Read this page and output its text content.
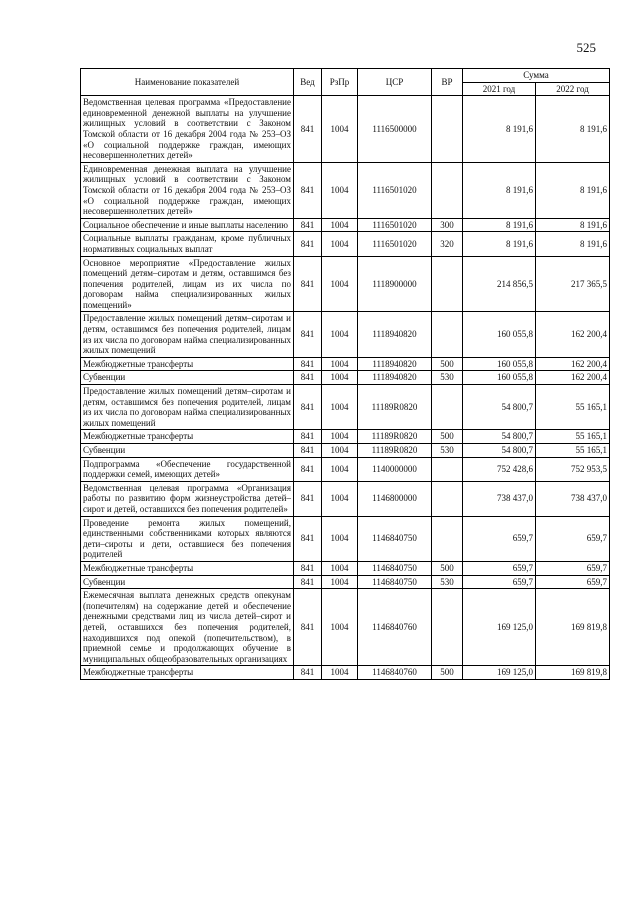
525
Наименование показателей	Вед	РзПр	ЦСР	ВР	Сумма	
					2021 год	2022 год
Ведомственная целевая программа «Предоставление единовременной денежной выплаты на улучшение жилищных условий в соответствии с Законом Томской области от 16 декабря 2004 года № 253–ОЗ «О социальной поддержке граждан, имеющих несовершеннолетних детей»	841	1004	1116500000		8 191,6	8 191,6
Единовременная денежная выплата на улучшение жилищных условий в соответствии с Законом Томской области от 16 декабря 2004 года № 253–ОЗ «О социальной поддержке граждан, имеющих несовершеннолетних детей»	841	1004	1116501020		8 191,6	8 191,6
Социальное обеспечение и иные выплаты населению	841	1004	1116501020	300	8 191,6	8 191,6
Социальные выплаты гражданам, кроме публичных нормативных социальных выплат	841	1004	1116501020	320	8 191,6	8 191,6
Основное мероприятие «Предоставление жилых помещений детям–сиротам и детям, оставшимся без попечения родителей, лицам из их числа по договорам найма специализированных жилых помещений»	841	1004	1118900000		214 856,5	217 365,5
Предоставление жилых помещений детям–сиротам и детям, оставшимся без попечения родителей, лицам из их числа по договорам найма специализированных жилых помещений	841	1004	1118940820		160 055,8	162 200,4
Межбюджетные трансферты	841	1004	1118940820	500	160 055,8	162 200,4
Субвенции	841	1004	1118940820	530	160 055,8	162 200,4
Предоставление жилых помещений детям–сиротам и детям, оставшимся без попечения родителей, лицам из их числа по договорам найма специализированных жилых помещений	841	1004	11189R0820		54 800,7	55 165,1
Межбюджетные трансферты	841	1004	11189R0820	500	54 800,7	55 165,1
Субвенции	841	1004	11189R0820	530	54 800,7	55 165,1
Подпрограмма «Обеспечение государственной поддержки семей, имеющих детей»	841	1004	1140000000		752 428,6	752 953,5
Ведомственная целевая программа «Организация работы по развитию форм жизнеустройства детей–сирот и детей, оставшихся без попечения родителей»	841	1004	1146800000		738 437,0	738 437,0
Проведение ремонта жилых помещений, единственными собственниками которых являются дети–сироты и дети, оставшиеся без попечения родителей	841	1004	1146840750		659,7	659,7
Межбюджетные трансферты	841	1004	1146840750	500	659,7	659,7
Субвенции	841	1004	1146840750	530	659,7	659,7
Ежемесячная выплата денежных средств опекунам (попечителям) на содержание детей и обеспечение денежными средствами лиц из числа детей–сирот и детей, оставшихся без попечения родителей, находившихся под опекой (попечительством), в приемной семье и продолжающих обучение в муниципальных общеобразовательных организациях	841	1004	1146840760		169 125,0	169 819,8
Межбюджетные трансферты	841	1004	1146840760	500	169 125,0	169 819,8
